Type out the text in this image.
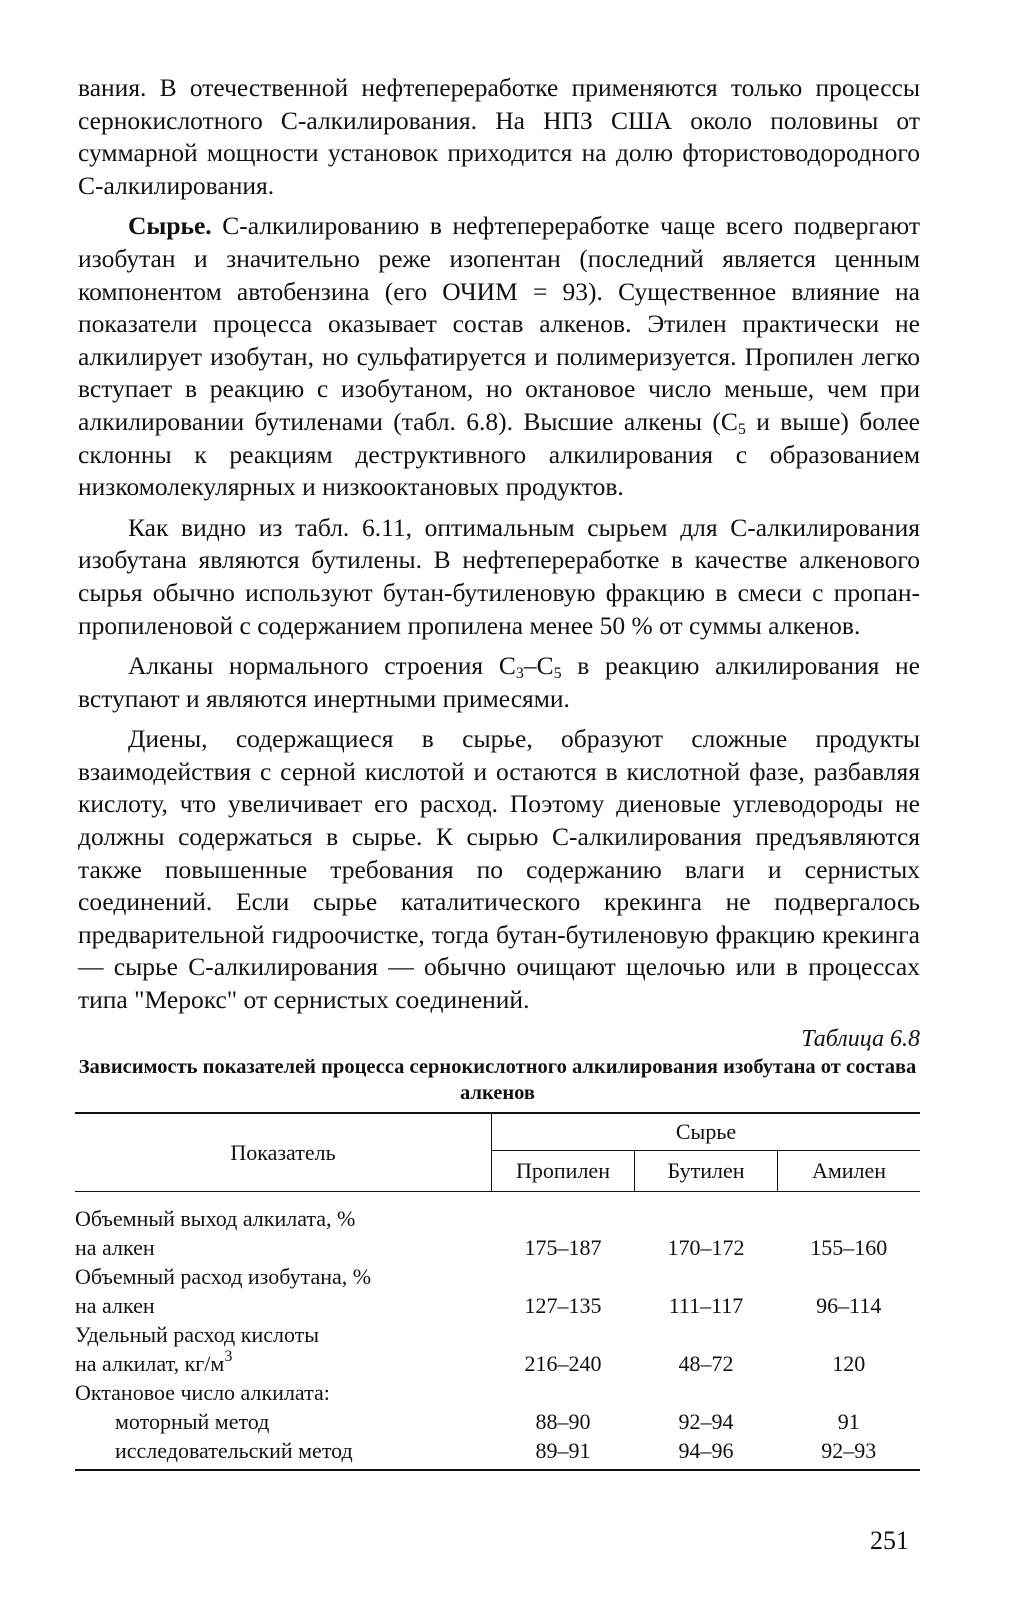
вания. В отечественной нефтепереработке применяются только процессы сернокислотного С-алкилирования. На НПЗ США около половины от суммарной мощности установок приходится на долю фтористоводородного С-алкилирования.

Сырье. С-алкилированию в нефтепереработке чаще всего подвергают изобутан и значительно реже изопентан (последний является ценным компонентом автобензина (его ОЧИМ = 93). Существенное влияние на показатели процесса оказывает состав алкенов. Этилен практически не алкилирует изобутан, но сульфатируется и полимеризуется. Пропилен легко вступает в реакцию с изобутаном, но октановое число меньше, чем при алкилировании бутиленами (табл. 6.8). Высшие алкены ($С_5$ и выше) более склонны к реакциям деструктивного алкилирования с образованием низкомолекулярных и низкооктановых продуктов.

Как видно из табл. 6.11, оптимальным сырьем для С-алкилирования изобутана являются бутилены. В нефтепереработке в качестве алкенового сырья обычно используют бутан-бутиленовую фракцию в смеси с пропан-пропиленовой с содержанием пропилена менее 50 % от суммы алкенов.

Алканы нормального строения $С_3-С_5$ в реакцию алкилирования не вступают и являются инертными примесями.

Диены, содержащиеся в сырье, образуют сложные продукты взаимодействия с серной кислотой и остаются в кислотной фазе, разбавляя кислоту, что увеличивает его расход. Поэтому диеновые углеводороды не должны содержаться в сырье. К сырью С-алкилирования предъявляются также повышенные требования по содержанию влаги и сернистых соединений. Если сырье каталитического крекинга не подвергалось предварительной гидроочистке, тогда бутан-бутиленовую фракцию крекинга — сырье С-алкилирования — обычно очищают щелочью или в процессах типа "Мерокс" от сернистых соединений.

Таблица 6.8

Зависимость показателей процесса сернокислотного алкилирования изобутана от состава алкенов

Показатель	Сырье		
	Пропилен	Бутилен	Амилен
Объемный выход алкилата, %
на алкен	175–187	170–172	155–160
Объемный расход изобутана, %
на алкен	127–135	111–117	96–114
Удельный расход кислоты
на алкилат, $кг/м^3$	216–240	48–72	120
Октановое число алкилата:			
моторный метод	88–90	92–94	91
исследовательский метод	89–91	94–96	92–93
251
